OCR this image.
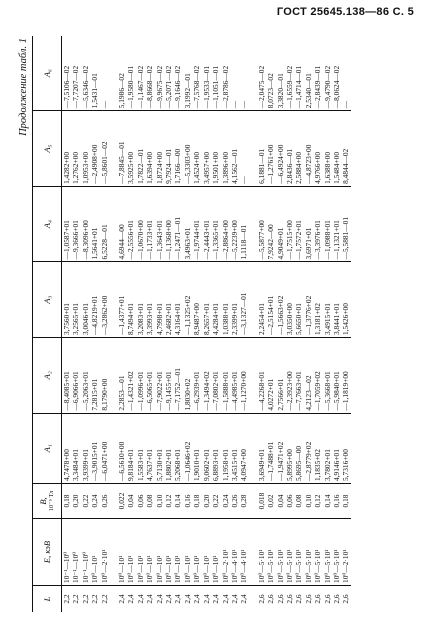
ГОСТ 25645.138—86 С. 5
Продолжение табл. 1
L	E, кэВ	B, 10⁻⁵ Тл	A₁	A₂	A₃	A₄	A₅	A₆
2,2	10⁻¹—10⁰	0,18	4,7478+00	—8,4085+01	3,7560+01	—1,0587+01	1,4282+00	—7,5106—02
2,2	10⁻¹—10⁰	0,20	3,3484+01	—6,9066+01	3,2565+01	—9,3666+01	1,2762+00	—7,7207—02
2,2	10⁻¹—10⁰	0,22	3,9399+01	—5,2063+01	3,0046+01	—8,3096+00	1,0953+00	—5,6346—02
2,2	10⁰—10¹	0,24	—3,9015+01	7,2815+01	—4,8219+01	1,5641+01	—2,4908+00	1,5431—01
2,2	10⁰—2·10¹	0,26	—6,0471+00	8,1790+00	—3,2862+00	6,5228—01	—5,8601—02	—
2,4	10⁰—10¹	0,022	—6,5610+00	2,2853—01	—1,4377+01	4,6944—00	—7,8845—01	5,1986—02
2,4	10⁰—10¹	0,04	9,8184+01	—1,4321+02	8,7494+01	—2,5556+01	3,5925+00	—1,9580—01
2,4	10⁰—10¹	0,06	1,5583+01	—1,0996+01	3,2083+01	—1,0670+00	1,7822—01	—1,1467—02
2,4	10⁰—10¹	0,08	4,7637+01	—6,5065+01	3,3993+01	—1,1733+01	1,6394+00	—8,8668—02
2,4	10⁰—10¹	0,10	5,7130+01	—7,9022+01	4,7998+01	—1,3643+01	1,8724+00	—9,9675—02
2,4	10⁰—10¹	0,12	1,8802+01	—9,1455+01	2,4682+01	—1,1368+00	9,7924—01	—5,2071—02
2,4	10⁰—10¹	0,14	5,2068+01	—7,1752—01	4,3164+01	—1,2471—01	1,7166—00	—9,1646—02
2,4	10⁰—10¹	0,16	—1,0646+02	1,8030+02	—1,1325+02	3,4963+01	—5,3303+00	3,1992—01
2,4	10⁰—10¹	0,18	1,9010+01	—6,2939+01	8,9487+00	—1,9744+01	1,4524+00	—7,5768—02
2,4	10⁰—10¹	0,20	9,0602+01	—1,3494+02	8,2657+01	—2,4443+01	3,4957+00	—1,9533—01
2,4	10⁰—10¹	0,22	6,8893+01	—7,0802+01	4,4284+01	—1,3365+01	1,9501+00	—1,1051—01
2,4	10⁰—2·10¹	0,24	1,1958+01	—1,5888+01	1,0388+01	—2,8864+00	1,3896+00	—2,8786—02
2,4	10⁰—4·10¹	0,26	3,4515+01	—4,4985+01	2,3399+01	—5,2239+00	4,1562—01	—
2,4	10⁰—4·10¹	0,28	4,0947+00	—1,1270+00	—3,1327—01	1,1118—01	—	—
2,6	10⁰—5·10¹	0,018	3,6949+01	—4,2268+01	2,2454+01	—5,5877+00	6,1881—01	—2,0475—02
2,6	10⁰—5·10¹	0,02	—1,7488+01	4,0272+01	—2,5154+01	7,9242—00	—1,2761+00	8,0723—02
2,6	10⁰—5·10¹	0,04	—1,9471+02	2,7566+01	—1,5663+02	4,9049+01	—6,4924+00	3,3820—01
2,6	10⁰—5·10¹	0,06	5,8995+00	—2,3923+00	3,0350+00	—1,7515+00	2,8436—01	—1,6559—02
2,6	10⁰—5·10¹	0,08	5,8695—00	—7,7663+01	5,6650+01	—1,7572+01	2,5884+00	—1,4714—01
2,6	10⁰—5·10¹	0,10	—2,8779+02	4,2123—02	—1,3776+02	3,6971+01	—4,8723+00	2,5340—01
2,6	10⁰—5·10¹	0,12	1,1835+02	—1,7059+02	1,3181+02	—3,3976+01	4,9766+00	—2,8439—01
2,6	10⁰—5·10¹	0,14	3,7802+01	—5,3668+01	3,4915+01	—1,0988+01	1,6388+00	—9,4790—02
2,6	10⁰—5·10¹	0,16	4,9146+01	—5,9840+01	3,8441+01	—1,1321+01	1,5484+00	—8,0624—02
2,6	10⁰—2·10¹	0,18	5,7316+00	—1,1819+00	1,5426+00	—5,5881—01	8,4844—02	—
